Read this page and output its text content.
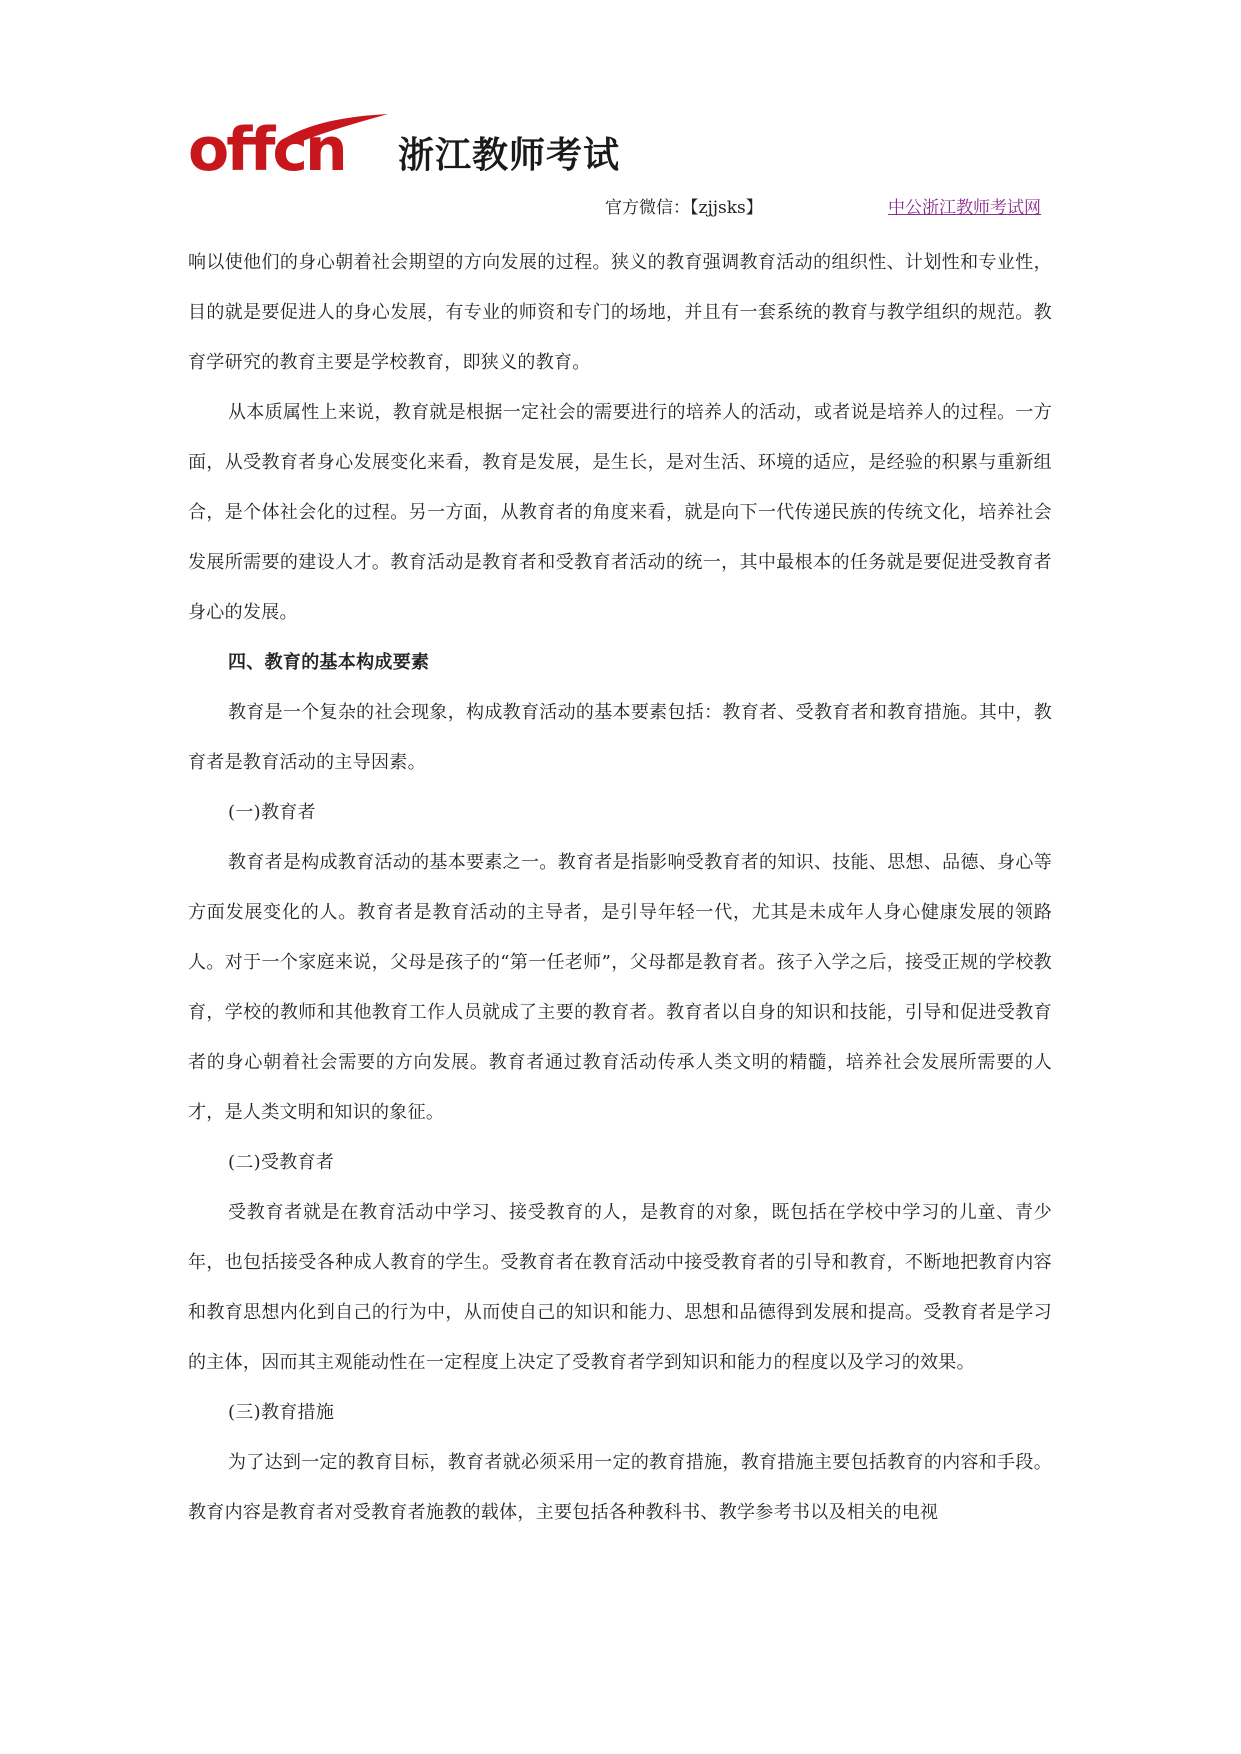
offcn 浙江教师考试
官方微信：【zjjsks】	中公浙江教师考试网

响以使他们的身心朝着社会期望的方向发展的过程。狭义的教育强调教育活动的组织性、计划性和专业性，目的就是要促进人的身心发展，有专业的师资和专门的场地，并且有一套系统的教育与教学组织的规范。教育学研究的教育主要是学校教育，即狭义的教育。

从本质属性上来说，教育就是根据一定社会的需要进行的培养人的活动，或者说是培养人的过程。一方面，从受教育者身心发展变化来看，教育是发展，是生长，是对生活、环境的适应，是经验的积累与重新组合，是个体社会化的过程。另一方面，从教育者的角度来看，就是向下一代传递民族的传统文化，培养社会发展所需要的建设人才。教育活动是教育者和受教育者活动的统一，其中最根本的任务就是要促进受教育者身心的发展。

四、教育的基本构成要素

教育是一个复杂的社会现象，构成教育活动的基本要素包括：教育者、受教育者和教育措施。其中，教育者是教育活动的主导因素。

(一)教育者

教育者是构成教育活动的基本要素之一。教育者是指影响受教育者的知识、技能、思想、品德、身心等方面发展变化的人。教育者是教育活动的主导者，是引导年轻一代，尤其是未成年人身心健康发展的领路人。对于一个家庭来说，父母是孩子的“第一任老师”，父母都是教育者。孩子入学之后，接受正规的学校教育，学校的教师和其他教育工作人员就成了主要的教育者。教育者以自身的知识和技能，引导和促进受教育者的身心朝着社会需要的方向发展。教育者通过教育活动传承人类文明的精髓，培养社会发展所需要的人才，是人类文明和知识的象征。

(二)受教育者

受教育者就是在教育活动中学习、接受教育的人，是教育的对象，既包括在学校中学习的儿童、青少年，也包括接受各种成人教育的学生。受教育者在教育活动中接受教育者的引导和教育，不断地把教育内容和教育思想内化到自己的行为中，从而使自己的知识和能力、思想和品德得到发展和提高。受教育者是学习的主体，因而其主观能动性在一定程度上决定了受教育者学到知识和能力的程度以及学习的效果。

(三)教育措施

为了达到一定的教育目标，教育者就必须采用一定的教育措施，教育措施主要包括教育的内容和手段。教育内容是教育者对受教育者施教的载体，主要包括各种教科书、教学参考书以及相关的电视
